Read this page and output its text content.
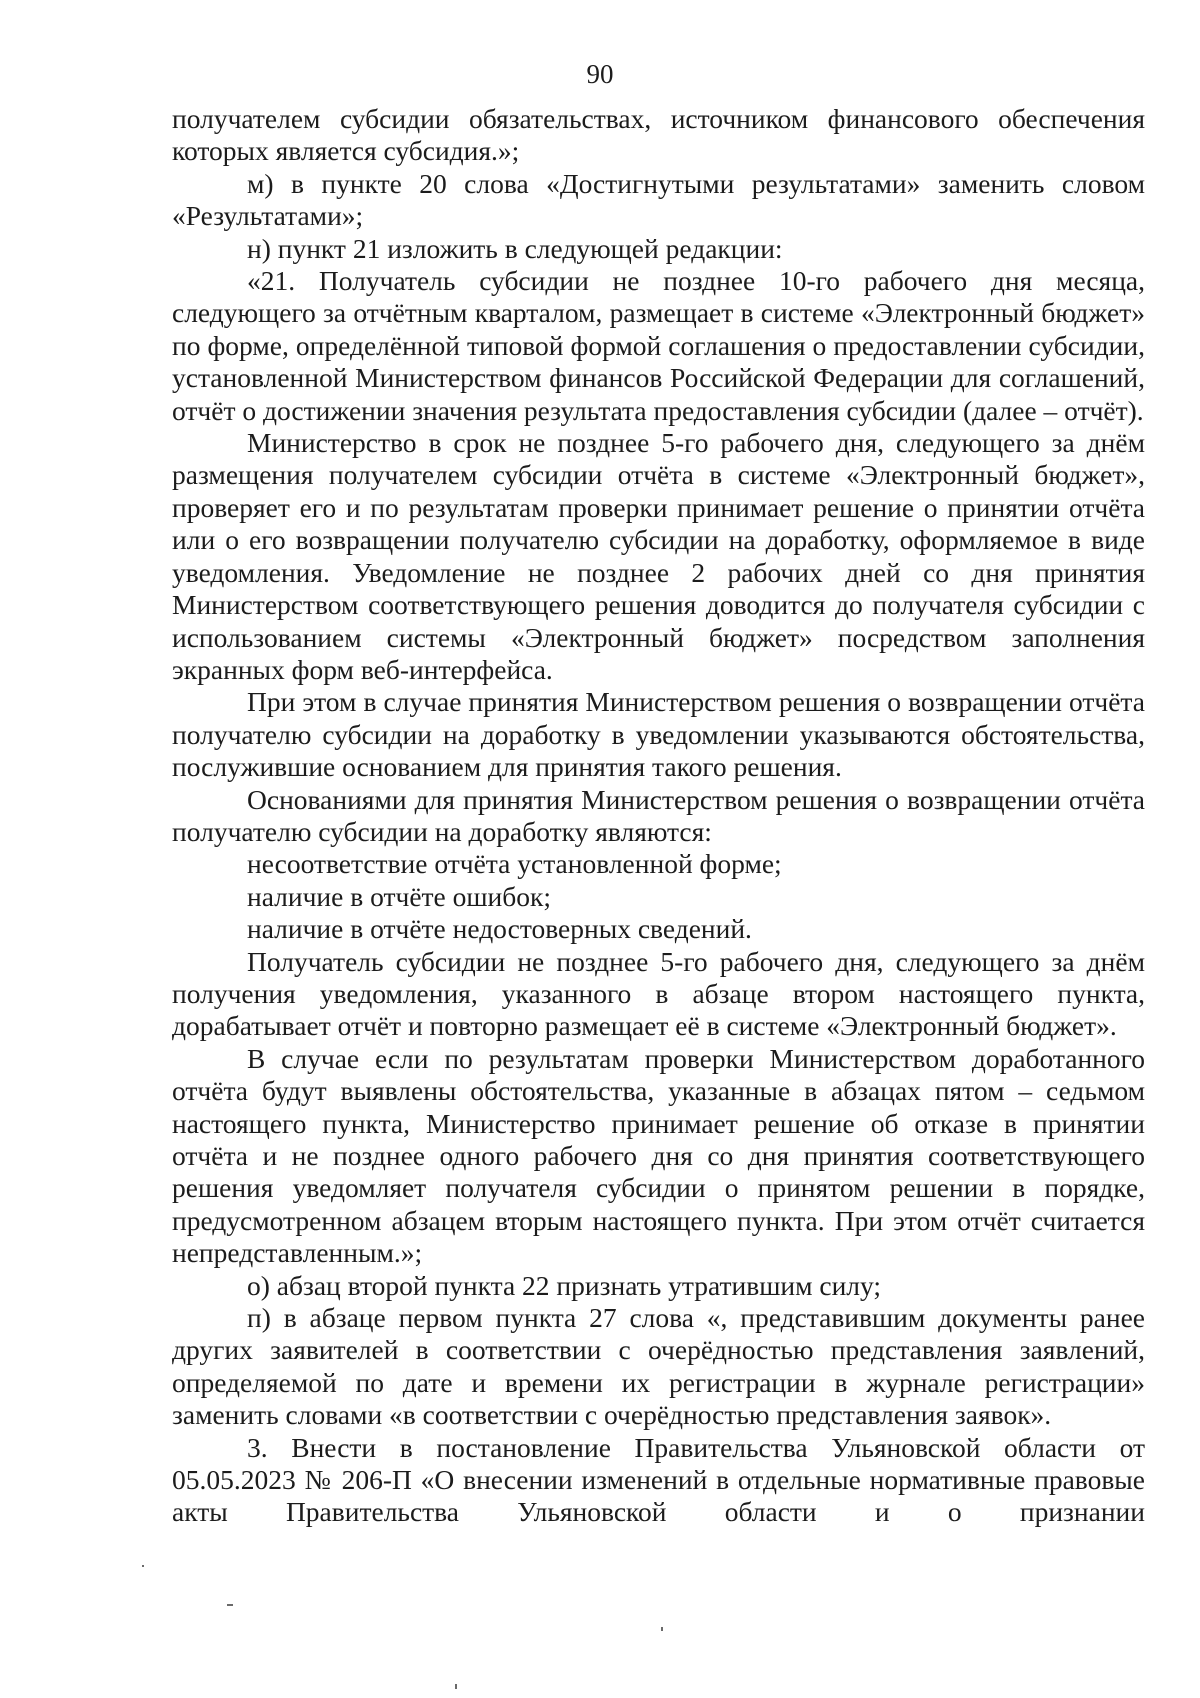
90

получателем субсидии обязательствах, источником финансового обеспечения которых является субсидия.»;

м) в пункте 20 слова «Достигнутыми результатами» заменить словом «Результатами»;

н) пункт 21 изложить в следующей редакции:

«21. Получатель субсидии не позднее 10-го рабочего дня месяца, следующего за отчётным кварталом, размещает в системе «Электронный бюджет» по форме, определённой типовой формой соглашения о предоставлении субсидии, установленной Министерством финансов Российской Федерации для соглашений, отчёт о достижении значения результата предоставления субсидии (далее – отчёт).

Министерство в срок не позднее 5-го рабочего дня, следующего за днём размещения получателем субсидии отчёта в системе «Электронный бюджет», проверяет его и по результатам проверки принимает решение о принятии отчёта или о его возвращении получателю субсидии на доработку, оформляемое в виде уведомления. Уведомление не позднее 2 рабочих дней со дня принятия Министерством соответствующего решения доводится до получателя субсидии с использованием системы «Электронный бюджет» посредством заполнения экранных форм веб-интерфейса.

При этом в случае принятия Министерством решения о возвращении отчёта получателю субсидии на доработку в уведомлении указываются обстоятельства, послужившие основанием для принятия такого решения.

Основаниями для принятия Министерством решения о возвращении отчёта получателю субсидии на доработку являются:

несоответствие отчёта установленной форме;

наличие в отчёте ошибок;

наличие в отчёте недостоверных сведений.

Получатель субсидии не позднее 5-го рабочего дня, следующего за днём получения уведомления, указанного в абзаце втором настоящего пункта, дорабатывает отчёт и повторно размещает её в системе «Электронный бюджет».

В случае если по результатам проверки Министерством доработанного отчёта будут выявлены обстоятельства, указанные в абзацах пятом – седьмом настоящего пункта, Министерство принимает решение об отказе в принятии отчёта и не позднее одного рабочего дня со дня принятия соответствующего решения уведомляет получателя субсидии о принятом решении в порядке, предусмотренном абзацем вторым настоящего пункта. При этом отчёт считается непредставленным.»;

о) абзац второй пункта 22 признать утратившим силу;

п) в абзаце первом пункта 27 слова «, представившим документы ранее других заявителей в соответствии с очерёдностью представления заявлений, определяемой по дате и времени их регистрации в журнале регистрации» заменить словами «в соответствии с очерёдностью представления заявок».

3. Внести в постановление Правительства Ульяновской области от 05.05.2023 № 206-П «О внесении изменений в отдельные нормативные правовые акты Правительства Ульяновской области и о признании
